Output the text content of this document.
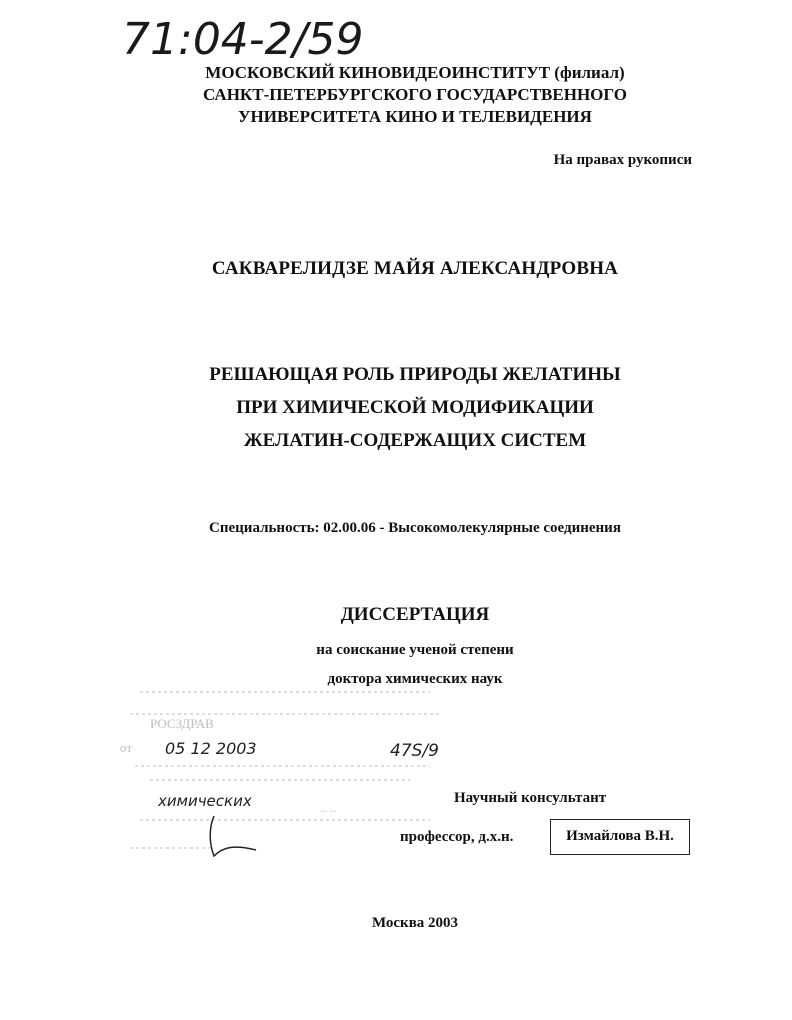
71:04-2/59
МОСКОВСКИЙ КИНОВИДЕОИНСТИТУТ (филиал)
САНКТ-ПЕТЕРБУРГСКОГО ГОСУДАРСТВЕННОГО
УНИВЕРСИТЕТА КИНО И ТЕЛЕВИДЕНИЯ
На правах рукописи
САКВАРЕЛИДЗЕ МАЙЯ АЛЕКСАНДРОВНА
РЕШАЮЩАЯ РОЛЬ ПРИРОДЫ ЖЕЛАТИНЫ
ПРИ ХИМИЧЕСКОЙ МОДИФИКАЦИИ
ЖЕЛАТИН-СОДЕРЖАЩИХ СИСТЕМ
Специальность: 02.00.06 - Высокомолекулярные соединения
ДИССЕРТАЦИЯ
на соискание ученой степени
доктора химических наук
РОСЗДРАВ
от
.. ..
05 12 2003	47Ѕ/9
химических	Научный консультант
профессор, д.х.н.	Измайлова В.Н.
Москва 2003
